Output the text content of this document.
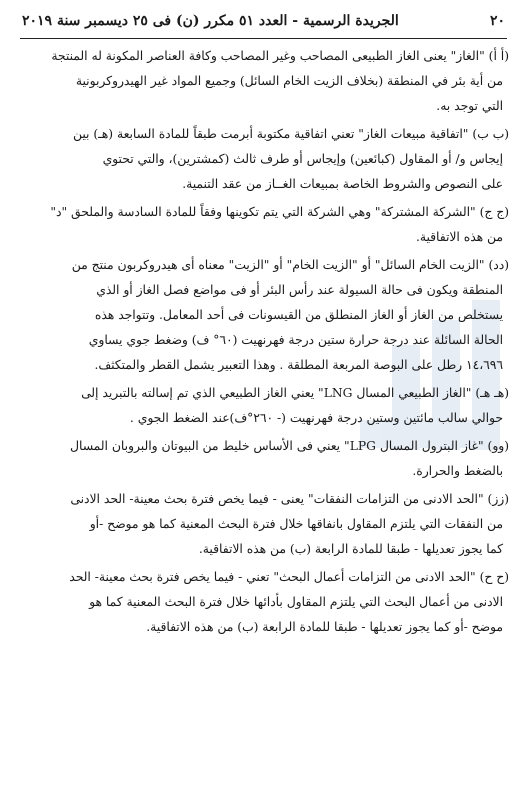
٢٠
الجريدة الرسمية - العدد ٥١ مكرر (ن) فى ٢٥ ديسمبر سنة ٢٠١٩
(أ أ) "الغاز" يعنى الغاز الطبيعى المصاحب وغير المصاحب وكافة العناصر المكونة له المنتجة
من أية بئر في المنطقة (بخلاف الزيت الخام السائل) وجميع المواد غير الهيدروكربونية
التي توجد به.
(ب ب) "اتفاقية مبيعات الغاز" تعني اتفاقية مكتوبة أبرمت طبقاً للمادة السابعة (هـ) بين
إيجاس و/ أو المقاول (كبائعين) وإيجاس أو طرف ثالث (كمشترين)، والتي تحتوي
على النصوص والشروط الخاصة بمبيعات الغــاز من عقد التنمية.
(ج ج) "الشركة المشتركة" وهي الشركة التي يتم تكوينها وفقاً للمادة السادسة والملحق "د"
من هذه الاتفاقية.
(دد) "الزيت الخام السائل" أو "الزيت الخام" أو "الزيت" معناه أى هيدروكربون منتج من
المنطقة ويكون فى حالة السيولة عند رأس البئر أو فى مواضع فصل الغاز أو الذي
يستخلص من الغاز أو الغاز المنطلق من القيسونات فى أحد المعامل. وتتواجد هذه
الحالة السائلة عند درجة حرارة ستين درجة فهرنهيت (٦٠° ف) وضغط جوي يساوي
١٤،٦٩٦ رطل على البوصة المربعة المطلقة . وهذا التعبير يشمل القطر والمتكثف.
(هـ هـ) "الغاز الطبيعي المسال LNG" يعني الغاز الطبيعي الذي تم إسالته بالتبريد إلى
حوالي سالب مائتين وستين درجة فهرنهيت (- ٢٦٠°ف)عند الضغط الجوي .
(وو) "غاز البترول المسال LPG" يعني فى الأساس خليط من البيوتان والبروبان المسال
بالضغط والحرارة.
(زز) "الحد الادنى من التزامات النفقات" يعنى - فيما يخص فترة بحث معينة- الحد الادنى
من النفقات التي يلتزم المقاول بانفاقها خلال فترة البحث المعنية كما هو موضح -أو
كما يجوز تعديلها - طبقا للمادة الرابعة (ب) من هذه الاتفاقية.
(ح ح) "الحد الادنى من التزامات أعمال البحث" تعني - فيما يخص فترة بحث معينة- الحد
الادنى من أعمال البحث التي يلتزم المقاول بأدائها خلال فترة البحث المعنية كما هو
موضح -أو كما يجوز تعديلها - طبقا للمادة الرابعة (ب) من هذه الاتفاقية.
